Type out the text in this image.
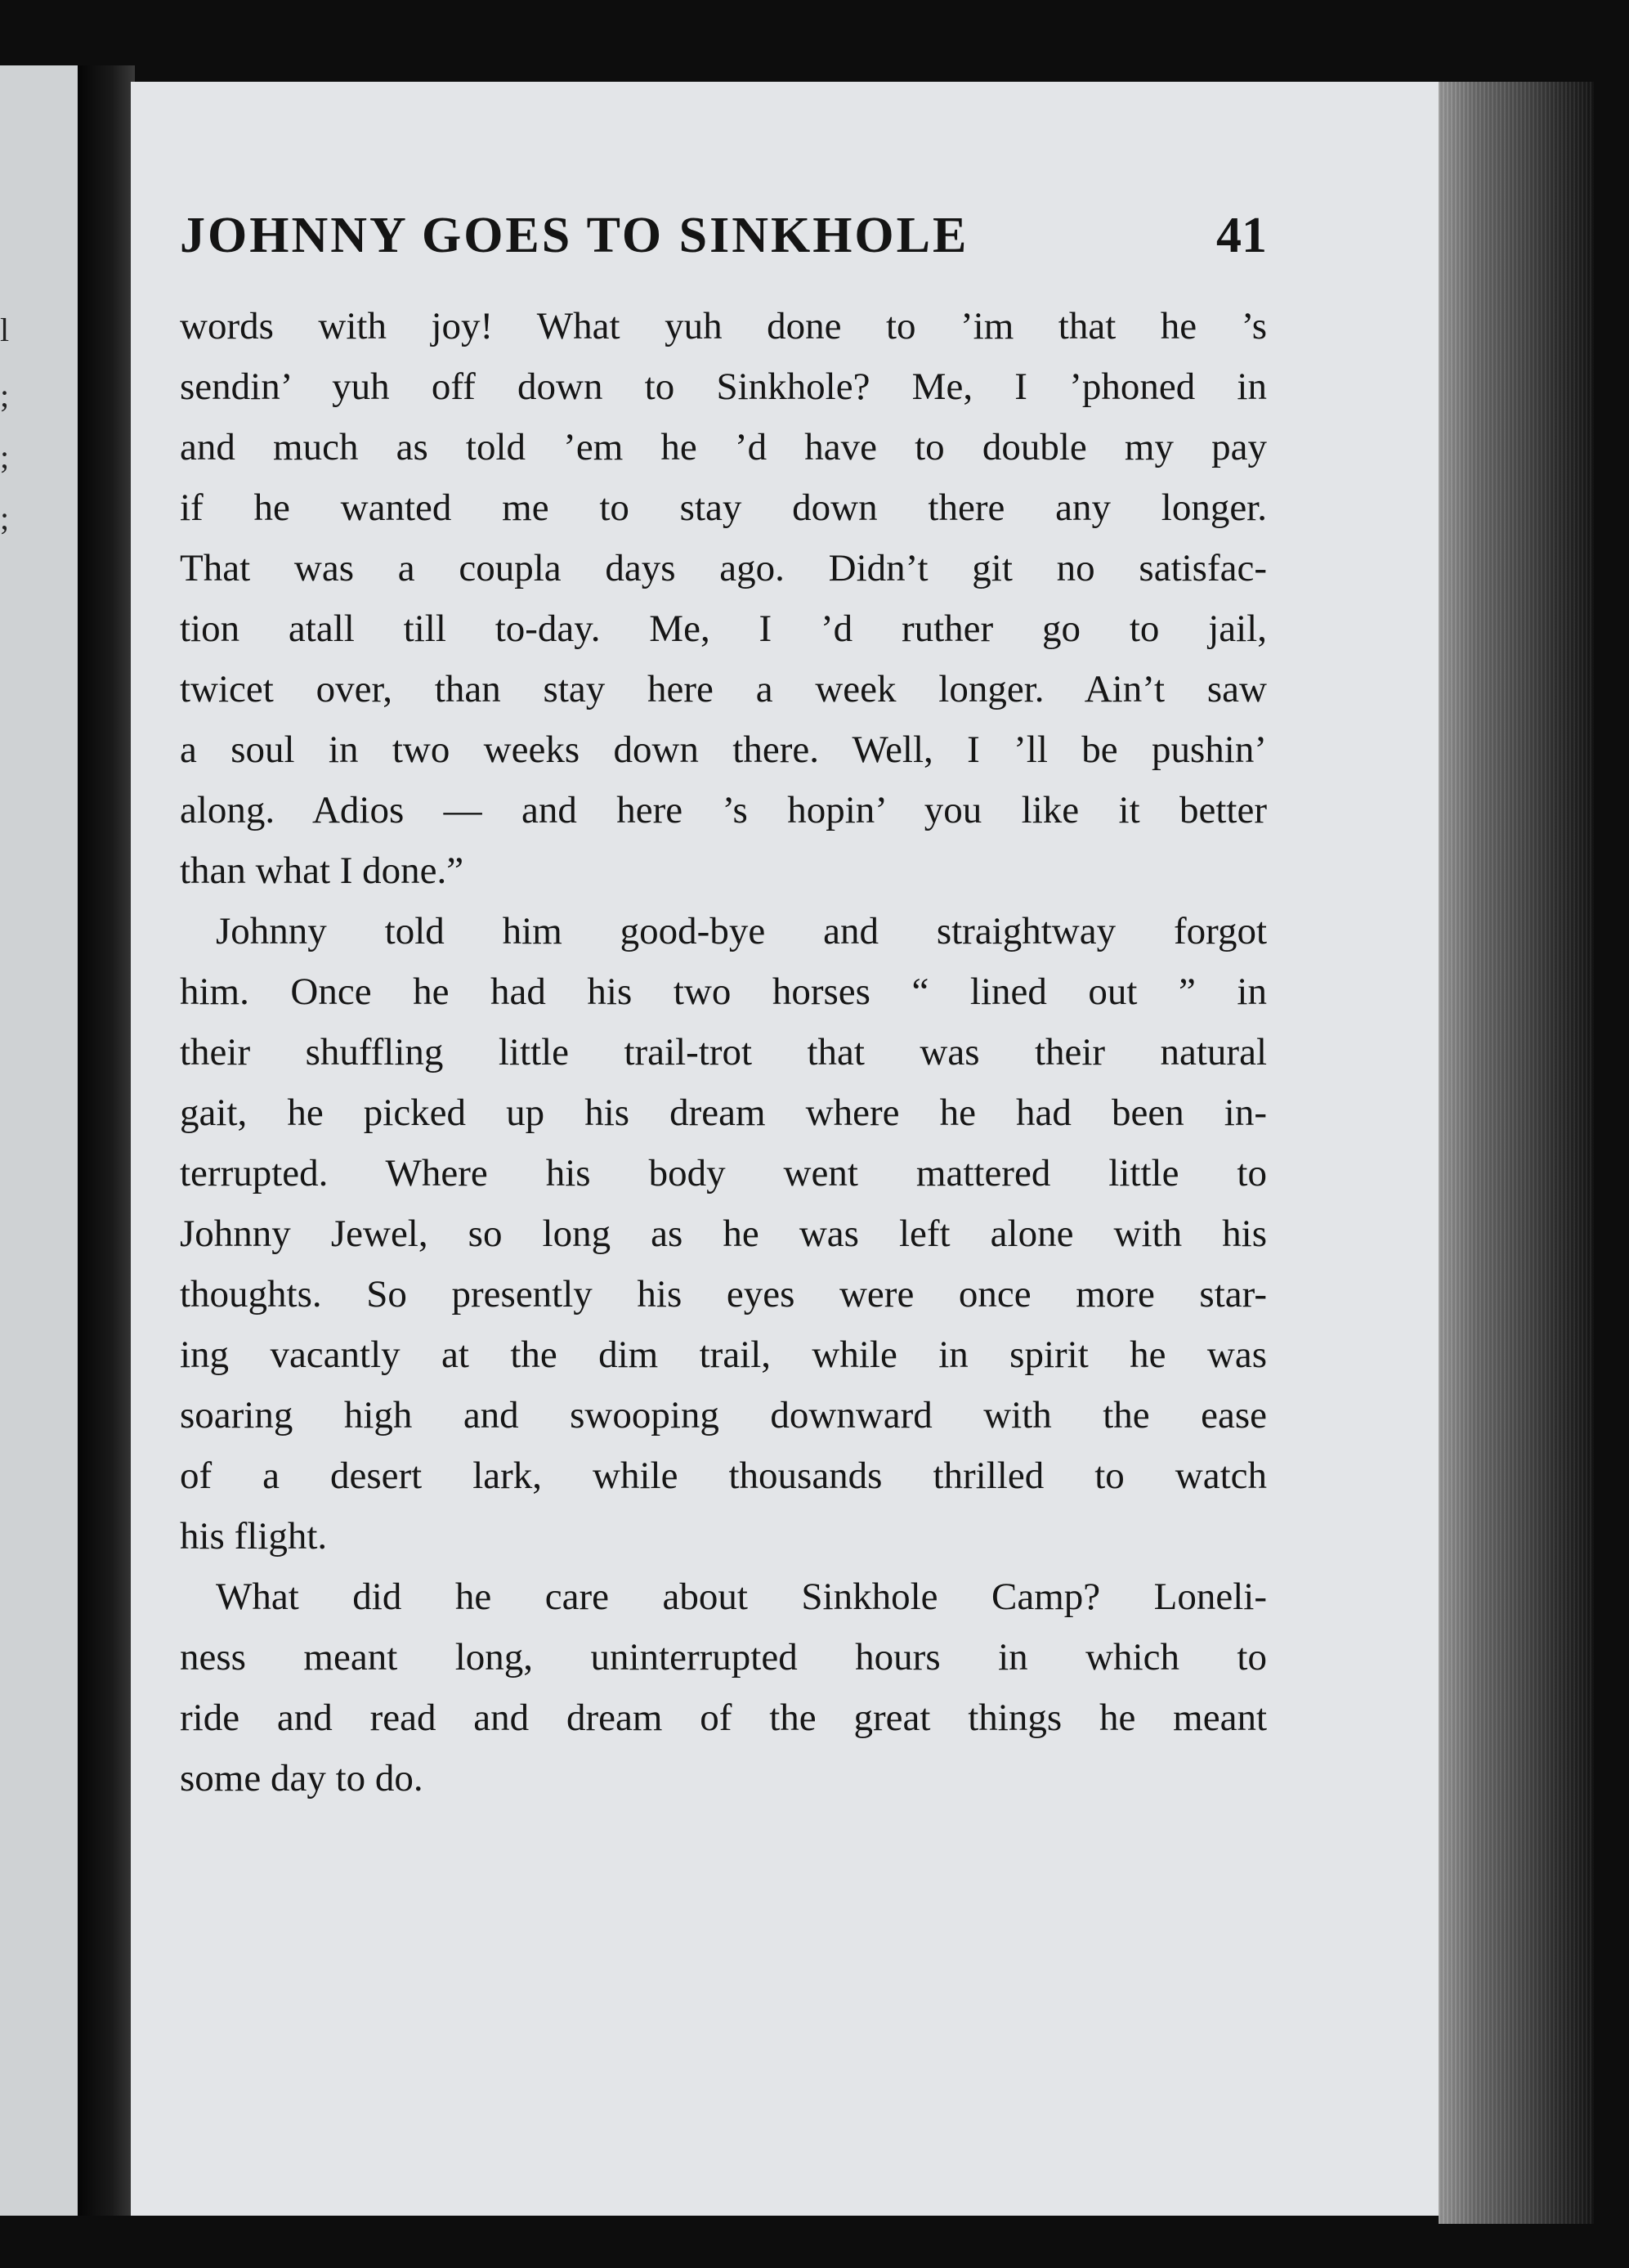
l
;
;
;
JOHNNY GOES TO SINKHOLE	41
words with joy! What yuh done to ’im that he ’s
sendin’ yuh off down to Sinkhole? Me, I ’phoned in
and much as told ’em he ’d have to double my pay
if he wanted me to stay down there any longer.
That was a coupla days ago. Didn’t git no satisfac-
tion atall till to-day. Me, I ’d ruther go to jail,
twicet over, than stay here a week longer. Ain’t saw
a soul in two weeks down there. Well, I ’ll be pushin’
along. Adios — and here ’s hopin’ you like it better
than what I done.”
Johnny told him good-bye and straightway forgot
him. Once he had his two horses “ lined out ” in
their shuffling little trail-trot that was their natural
gait, he picked up his dream where he had been in-
terrupted. Where his body went mattered little to
Johnny Jewel, so long as he was left alone with his
thoughts. So presently his eyes were once more star-
ing vacantly at the dim trail, while in spirit he was
soaring high and swooping downward with the ease
of a desert lark, while thousands thrilled to watch
his flight.
What did he care about Sinkhole Camp? Loneli-
ness meant long, uninterrupted hours in which to
ride and read and dream of the great things he meant
some day to do.
